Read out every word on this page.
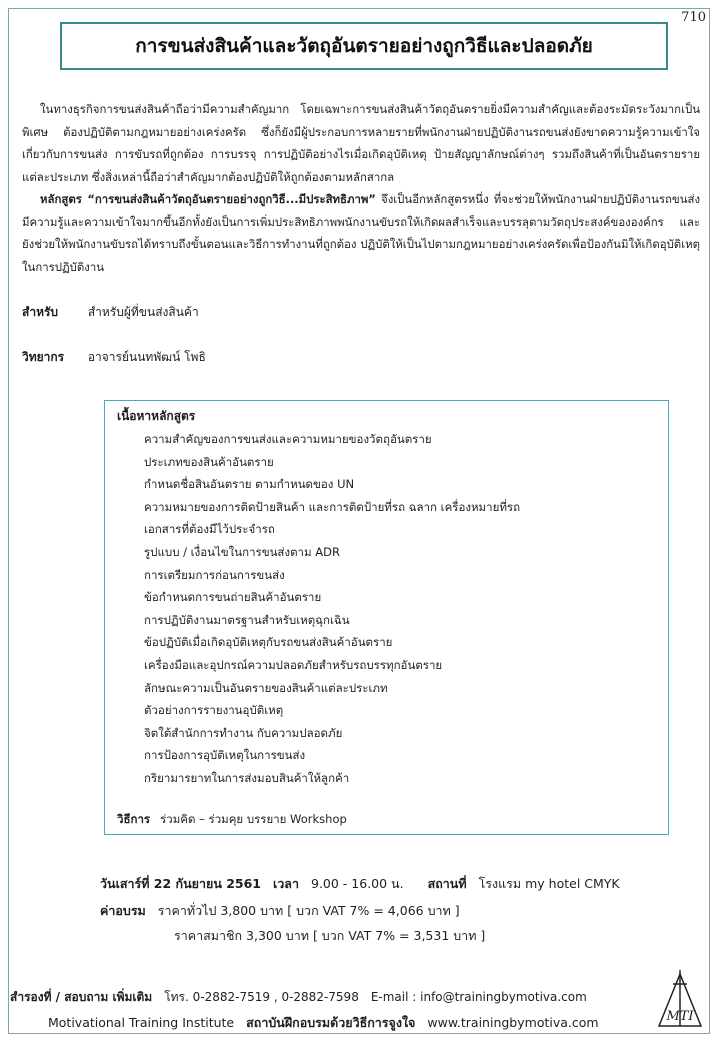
710
การขนส่งสินค้าและวัตถุอันตรายอย่างถูกวิธีและปลอดภัย

ในทางธุรกิจการขนส่งสินค้าถือว่ามีความสำคัญมาก โดยเฉพาะการขนส่งสินค้าวัตถุอันตรายยิ่งมีความสำคัญและต้องระมัดระวังมากเป็นพิเศษ ต้องปฏิบัติตามกฎหมายอย่างเคร่งครัด ซึ่งก็ยังมีผู้ประกอบการหลายรายที่พนักงานฝ่ายปฏิบัติงานรถขนส่งยังขาดความรู้ความเข้าใจเกี่ยวกับการขนส่ง การขับรถที่ถูกต้อง การบรรจุ การปฏิบัติอย่างไรเมื่อเกิดอุบัติเหตุ ป้ายสัญญาลักษณ์ต่างๆ รวมถึงสินค้าที่เป็นอันตรายรายแต่ละประเภท ซึ่งสิ่งเหล่านี้ถือว่าสำคัญมากต้องปฏิบัติให้ถูกต้องตามหลักสากล

หลักสูตร “การขนส่งสินค้าวัตถุอันตรายอย่างถูกวิธี...มีประสิทธิภาพ” จึงเป็นอีกหลักสูตรหนึ่ง ที่จะช่วยให้พนักงานฝ่ายปฏิบัติงานรถขนส่ง มีความรู้และความเข้าใจมากขึ้นอีกทั้งยังเป็นการเพิ่มประสิทธิภาพพนักงานขับรถให้เกิดผลสำเร็จและบรรลุตามวัตถุประสงค์ขององค์กร และยังช่วยให้พนักงานขับรถได้ทราบถึงขั้นตอนและวิธีการทำงานที่ถูกต้อง ปฏิบัติให้เป็นไปตามกฎหมายอย่างเคร่งครัดเพื่อป้องกันมิให้เกิดอุบัติเหตุในการปฏิบัติงาน

สำหรับ สำหรับผู้ที่ขนส่งสินค้า
วิทยากร อาจารย์นนทพัฒน์ โพธิ

เนื้อหาหลักสูตร

ความสำคัญของการขนส่งและความหมายของวัตถุอันตราย
ประเภทของสินค้าอันตราย
กำหนดชื่อสินอันตราย ตามกำหนดของ UN
ความหมายของการติดป้ายสินค้า และการติดป้ายที่รถ ฉลาก เครื่องหมายที่รถ
เอกสารที่ต้องมีไว้ประจำรถ
รูปแบบ / เงื่อนไขในการขนส่งตาม ADR
การเตรียมการก่อนการขนส่ง
ข้อกำหนดการขนถ่ายสินค้าอันตราย
การปฏิบัติงานมาตรฐานสำหรับเหตุฉุกเฉิน
ข้อปฏิบัติเมื่อเกิดอุบัติเหตุกับรถขนส่งสินค้าอันตราย
เครื่องมือและอุปกรณ์ความปลอดภัยสำหรับรถบรรทุกอันตราย
ลักษณะความเป็นอันตรายของสินค้าแต่ละประเภท
ตัวอย่างการรายงานอุบัติเหตุ
จิตใต้สำนักการทำงาน กับความปลอดภัย
การป้องการอุบัติเหตุในการขนส่ง
กริยามารยาทในการส่งมอบสินค้าให้ลูกค้า
วิธีการ ร่วมคิด – ร่วมคุย บรรยาย Workshop
วันเสาร์ที่ 22 กันยายน 2561 เวลา 9.00 - 16.00 น. สถานที่ โรงแรม my hotel CMYK
ค่าอบรม ราคาทั่วไป 3,800 บาท [ บวก VAT 7% = 4,066 บาท ]
ราคาสมาชิก 3,300 บาท [ บวก VAT 7% = 3,531 บาท ]
สำรองที่ / สอบถาม เพิ่มเติม โทร. 0-2882-7519 , 0-2882-7598 E-mail : info@trainingbymotiva.com
Motivational Training Institute สถาบันฝึกอบรมด้วยวิธีการจูงใจ www.trainingbymotiva.com	MTI
